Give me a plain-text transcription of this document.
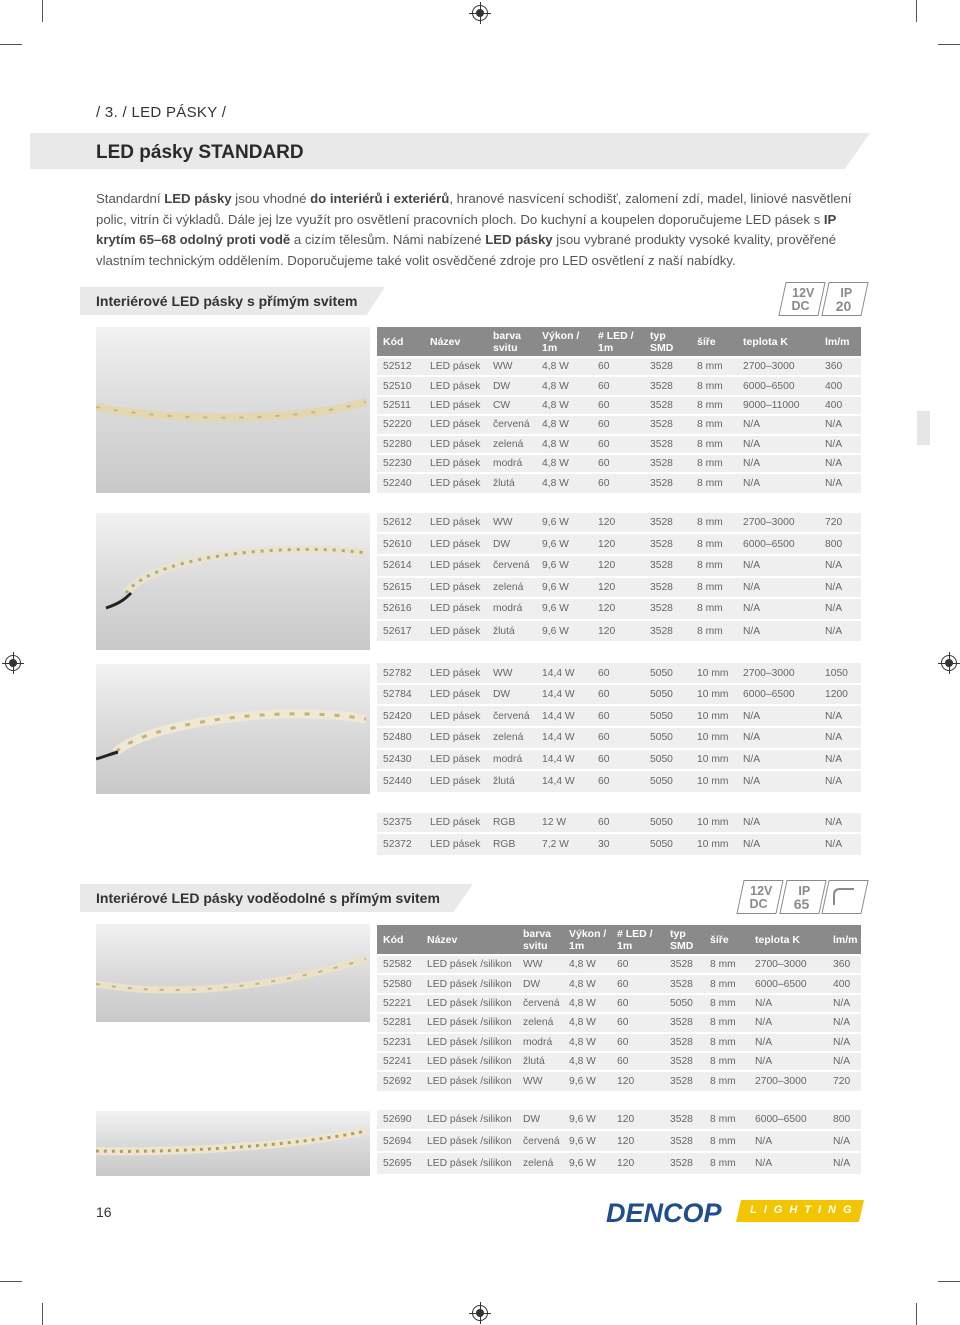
/ 3. / LED PÁSKY /
LED pásky STANDARD
Standardní LED pásky jsou vhodné do interiérů i exteriérů, hranové nasvícení schodišť, zalomení zdí, madel, liniové nasvětlení polic, vitrín či výkladů. Dále jej lze využít pro osvětlení pracovních ploch. Do kuchyní a koupelen doporučujeme LED pásek s IP krytím 65–68 odolný proti vodě a cizím tělesům. Námi nabízené LED pásky jsou vybrané produkty vysoké kvality, prověřené vlastním technickým oddělením. Doporučujeme také volit osvědčené zdroje pro LED osvětlení z naší nabídky.
Interiérové LED pásky s přímým svitem	12V
DC
IP
20
Kód	Název	barva svitu	Výkon / 1m	# LED / 1m	typ SMD	šíře	teplota K	lm/m
52512	LED pásek	WW	4,8 W	60	3528	8 mm	2700–3000	360
52510	LED pásek	DW	4,8 W	60	3528	8 mm	6000–6500	400
52511	LED pásek	CW	4,8 W	60	3528	8 mm	9000–11000	400
52220	LED pásek	červená	4,8 W	60	3528	8 mm	N/A	N/A
52280	LED pásek	zelená	4,8 W	60	3528	8 mm	N/A	N/A
52230	LED pásek	modrá	4,8 W	60	3528	8 mm	N/A	N/A
52240	LED pásek	žlutá	4,8 W	60	3528	8 mm	N/A	N/A

52612	LED pásek	WW	9,6 W	120	3528	8 mm	2700–3000	720
52610	LED pásek	DW	9,6 W	120	3528	8 mm	6000–6500	800
52614	LED pásek	červená	9,6 W	120	3528	8 mm	N/A	N/A
52615	LED pásek	zelená	9,6 W	120	3528	8 mm	N/A	N/A
52616	LED pásek	modrá	9,6 W	120	3528	8 mm	N/A	N/A
52617	LED pásek	žlutá	9,6 W	120	3528	8 mm	N/A	N/A

52782	LED pásek	WW	14,4 W	60	5050	10 mm	2700–3000	1050
52784	LED pásek	DW	14,4 W	60	5050	10 mm	6000–6500	1200
52420	LED pásek	červená	14,4 W	60	5050	10 mm	N/A	N/A
52480	LED pásek	zelená	14,4 W	60	5050	10 mm	N/A	N/A
52430	LED pásek	modrá	14,4 W	60	5050	10 mm	N/A	N/A
52440	LED pásek	žlutá	14,4 W	60	5050	10 mm	N/A	N/A

52375	LED pásek	RGB	12 W	60	5050	10 mm	N/A	N/A
52372	LED pásek	RGB	7,2 W	30	5050	10 mm	N/A	N/A
Interiérové LED pásky voděodolné s přímým svitem	12V
DC
IP
65
Kód	Název	barva svitu	Výkon / 1m	# LED / 1m	typ SMD	šíře	teplota K	lm/m
52582	LED pásek /silikon	WW	4,8 W	60	3528	8 mm	2700–3000	360
52580	LED pásek /silikon	DW	4,8 W	60	3528	8 mm	6000–6500	400
52221	LED pásek /silikon	červená	4,8 W	60	5050	8 mm	N/A	N/A
52281	LED pásek /silikon	zelená	4,8 W	60	3528	8 mm	N/A	N/A
52231	LED pásek /silikon	modrá	4,8 W	60	3528	8 mm	N/A	N/A
52241	LED pásek /silikon	žlutá	4,8 W	60	3528	8 mm	N/A	N/A
52692	LED pásek /silikon	WW	9,6 W	120	3528	8 mm	2700–3000	720

52690	LED pásek /silikon	DW	9,6 W	120	3528	8 mm	6000–6500	800
52694	LED pásek /silikon	červená	9,6 W	120	3528	8 mm	N/A	N/A
52695	LED pásek /silikon	zelená	9,6 W	120	3528	8 mm	N/A	N/A
16	DENCOP	LIGHTING
